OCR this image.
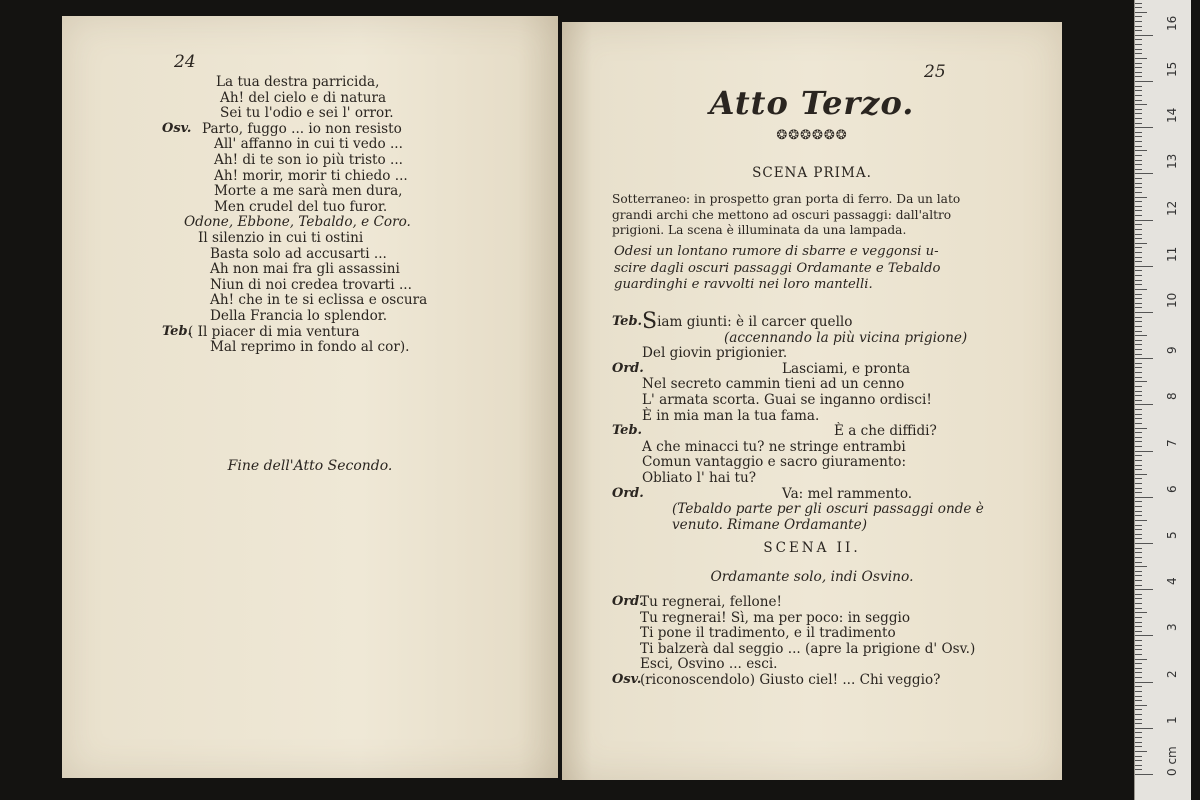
24
La tua destra parricida,
Ah! del cielo e di natura
Sei tu l'odio e sei l' orror.
Osv. Parto, fuggo ... io non resisto
All' affanno in cui ti vedo ...
Ah! di te son io più tristo ...
Ah! morir, morir ti chiedo ...
Morte a me sarà men dura,
Men crudel del tuo furor.
Odone, Ebbone, Tebaldo, e Coro.
Il silenzio in cui ti ostini
Basta solo ad accusarti ...
Ah non mai fra gli assassini
Niun di noi credea trovarti ...
Ah! che in te si eclissa e oscura
Della Francia lo splendor.
Teb.
( Il piacer di mia ventura
Mal reprimo in fondo al cor).
Fine dell'Atto Secondo.
25
Atto Terzo.
❂❂❂❂❂❂
SCENA PRIMA.
Sotterraneo: in prospetto gran porta di ferro. Da un lato
grandi archi che mettono ad oscuri passaggi: dall'altro
prigioni. La scena è illuminata da una lampada.
Odesi un lontano rumore di sbarre e veggonsi u-
scire dagli oscuri passaggi Ordamante e Tebaldo
guardinghi e ravvolti nei loro mantelli.
Teb. Siam giunti: è il carcer quello
(accennando la più vicina prigione)
Del giovin prigionier.
Ord.	Lasciami, e pronta
Nel secreto cammin tieni ad un cenno
L' armata scorta. Guai se inganno ordisci!
È in mia man la tua fama.
Teb.	È a che diffidi?
A che minacci tu? ne stringe entrambi
Comun vantaggio e sacro giuramento:
Obliato l' hai tu?
Ord.	Va: mel rammento.
(Tebaldo parte per gli oscuri passaggi onde è
venuto. Rimane Ordamante)
SCENA II.
Ordamante solo, indi Osvino.
Ord.
Tu regnerai, fellone!
Tu regnerai! Sì, ma per poco: in seggio
Ti pone il tradimento, e il tradimento
Ti balzerà dal seggio ... (apre la prigione d' Osv.)
Esci, Osvino ... esci.
Osv.
(riconoscendolo) Giusto ciel! ... Chi veggio?
0 cm
1
2
3
4
5
6
7
8
9
10
11
12
13
14
15
16
